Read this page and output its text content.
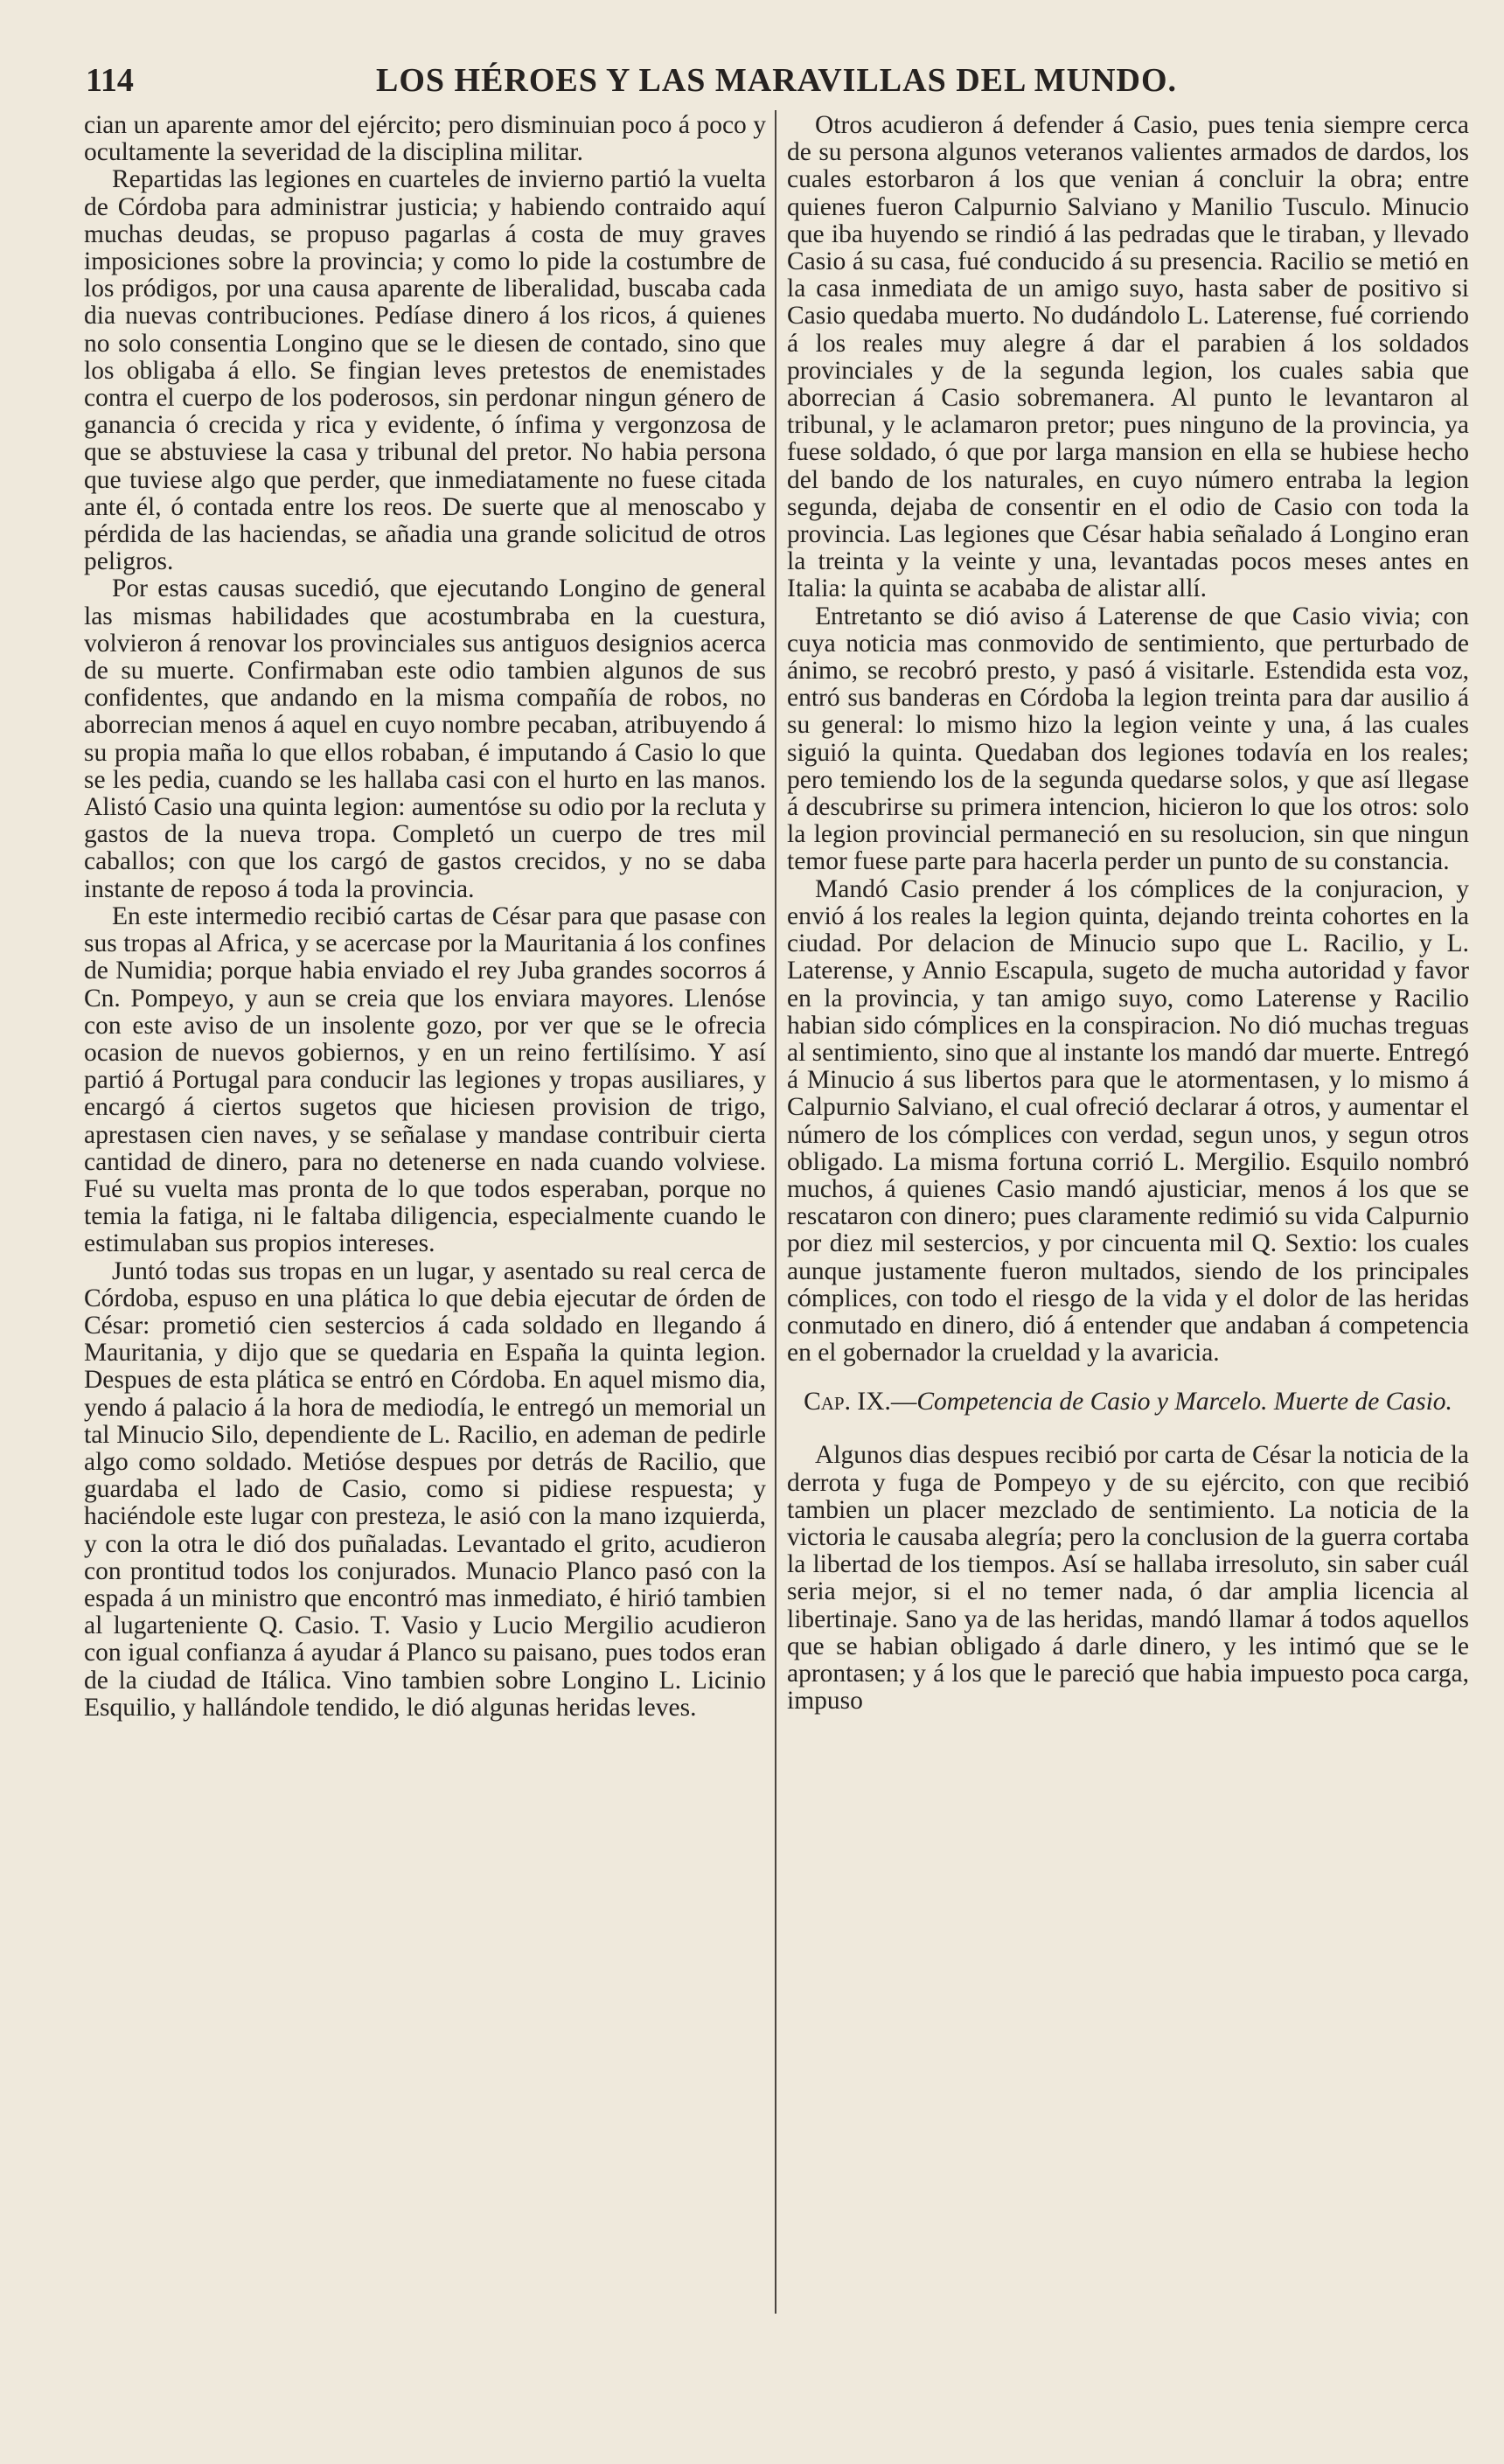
114	LOS HÉROES Y LAS MARAVILLAS DEL MUNDO.

cian un aparente amor del ejército; pero disminuian poco á poco y ocultamente la severidad de la disciplina militar.

Repartidas las legiones en cuarteles de invierno partió la vuelta de Córdoba para administrar justicia; y habiendo contraido aquí muchas deudas, se propuso pagarlas á costa de muy graves imposiciones sobre la provincia; y como lo pide la costumbre de los pródigos, por una causa aparente de liberalidad, buscaba cada dia nuevas contribuciones. Pedíase dinero á los ricos, á quienes no solo consentia Longino que se le diesen de contado, sino que los obligaba á ello. Se fingian leves pretestos de enemistades contra el cuerpo de los poderosos, sin perdonar ningun género de ganancia ó crecida y rica y evidente, ó ínfima y vergonzosa de que se abstuviese la casa y tribunal del pretor. No habia persona que tuviese algo que perder, que inmediatamente no fuese citada ante él, ó contada entre los reos. De suerte que al menoscabo y pérdida de las haciendas, se añadia una grande solicitud de otros peligros.

Por estas causas sucedió, que ejecutando Longino de general las mismas habilidades que acostumbraba en la cuestura, volvieron á renovar los provinciales sus antiguos designios acerca de su muerte. Confirmaban este odio tambien algunos de sus confidentes, que andando en la misma compañía de robos, no aborrecian menos á aquel en cuyo nombre pecaban, atribuyendo á su propia maña lo que ellos robaban, é imputando á Casio lo que se les pedia, cuando se les hallaba casi con el hurto en las manos. Alistó Casio una quinta legion: aumentóse su odio por la recluta y gastos de la nueva tropa. Completó un cuerpo de tres mil caballos; con que los cargó de gastos crecidos, y no se daba instante de reposo á toda la provincia.

En este intermedio recibió cartas de César para que pasase con sus tropas al Africa, y se acercase por la Mauritania á los confines de Numidia; porque habia enviado el rey Juba grandes socorros á Cn. Pompeyo, y aun se creia que los enviara mayores. Llenóse con este aviso de un insolente gozo, por ver que se le ofrecia ocasion de nuevos gobiernos, y en un reino fertilísimo. Y así partió á Portugal para conducir las legiones y tropas ausiliares, y encargó á ciertos sugetos que hiciesen provision de trigo, aprestasen cien naves, y se señalase y mandase contribuir cierta cantidad de dinero, para no detenerse en nada cuando volviese. Fué su vuelta mas pronta de lo que todos esperaban, porque no temia la fatiga, ni le faltaba diligencia, especialmente cuando le estimulaban sus propios intereses.

Juntó todas sus tropas en un lugar, y asentado su real cerca de Córdoba, espuso en una plática lo que debia ejecutar de órden de César: prometió cien sestercios á cada soldado en llegando á Mauritania, y dijo que se quedaria en España la quinta legion. Despues de esta plática se entró en Córdoba. En aquel mismo dia, yendo á palacio á la hora de mediodía, le entregó un memorial un tal Minucio Silo, dependiente de L. Racilio, en ademan de pedirle algo como soldado. Metióse despues por detrás de Racilio, que guardaba el lado de Casio, como si pidiese respuesta; y haciéndole este lugar con presteza, le asió con la mano izquierda, y con la otra le dió dos puñaladas. Levantado el grito, acudieron con prontitud todos los conjurados. Munacio Planco pasó con la espada á un ministro que encontró mas inmediato, é hirió tambien al lugarteniente Q. Casio. T. Vasio y Lucio Mergilio acudieron con igual confianza á ayudar á Planco su paisano, pues todos eran de la ciudad de Itálica. Vino tambien sobre Longino L. Licinio Esquilio, y hallándole tendido, le dió algunas heridas leves.

Otros acudieron á defender á Casio, pues tenia siempre cerca de su persona algunos veteranos valientes armados de dardos, los cuales estorbaron á los que venian á concluir la obra; entre quienes fueron Calpurnio Salviano y Manilio Tusculo. Minucio que iba huyendo se rindió á las pedradas que le tiraban, y llevado Casio á su casa, fué conducido á su presencia. Racilio se metió en la casa inmediata de un amigo suyo, hasta saber de positivo si Casio quedaba muerto. No dudándolo L. Laterense, fué corriendo á los reales muy alegre á dar el parabien á los soldados provinciales y de la segunda legion, los cuales sabia que aborrecian á Casio sobremanera. Al punto le levantaron al tribunal, y le aclamaron pretor; pues ninguno de la provincia, ya fuese soldado, ó que por larga mansion en ella se hubiese hecho del bando de los naturales, en cuyo número entraba la legion segunda, dejaba de consentir en el odio de Casio con toda la provincia. Las legiones que César habia señalado á Longino eran la treinta y la veinte y una, levantadas pocos meses antes en Italia: la quinta se acababa de alistar allí.

Entretanto se dió aviso á Laterense de que Casio vivia; con cuya noticia mas conmovido de sentimiento, que perturbado de ánimo, se recobró presto, y pasó á visitarle. Estendida esta voz, entró sus banderas en Córdoba la legion treinta para dar ausilio á su general: lo mismo hizo la legion veinte y una, á las cuales siguió la quinta. Quedaban dos legiones todavía en los reales; pero temiendo los de la segunda quedarse solos, y que así llegase á descubrirse su primera intencion, hicieron lo que los otros: solo la legion provincial permaneció en su resolucion, sin que ningun temor fuese parte para hacerla perder un punto de su constancia.

Mandó Casio prender á los cómplices de la conjuracion, y envió á los reales la legion quinta, dejando treinta cohortes en la ciudad. Por delacion de Minucio supo que L. Racilio, y L. Laterense, y Annio Escapula, sugeto de mucha autoridad y favor en la provincia, y tan amigo suyo, como Laterense y Racilio habian sido cómplices en la conspiracion. No dió muchas treguas al sentimiento, sino que al instante los mandó dar muerte. Entregó á Minucio á sus libertos para que le atormentasen, y lo mismo á Calpurnio Salviano, el cual ofreció declarar á otros, y aumentar el número de los cómplices con verdad, segun unos, y segun otros obligado. La misma fortuna corrió L. Mergilio. Esquilo nombró muchos, á quienes Casio mandó ajusticiar, menos á los que se rescataron con dinero; pues claramente redimió su vida Calpurnio por diez mil sestercios, y por cincuenta mil Q. Sextio: los cuales aunque justamente fueron multados, siendo de los principales cómplices, con todo el riesgo de la vida y el dolor de las heridas conmutado en dinero, dió á entender que andaban á competencia en el gobernador la crueldad y la avaricia.

Cap. IX.—Competencia de Casio y Marcelo. Muerte de Casio.

Algunos dias despues recibió por carta de César la noticia de la derrota y fuga de Pompeyo y de su ejército, con que recibió tambien un placer mezclado de sentimiento. La noticia de la victoria le causaba alegría; pero la conclusion de la guerra cortaba la libertad de los tiempos. Así se hallaba irresoluto, sin saber cuál seria mejor, si el no temer nada, ó dar amplia licencia al libertinaje. Sano ya de las heridas, mandó llamar á todos aquellos que se habian obligado á darle dinero, y les intimó que se le aprontasen; y á los que le pareció que habia impuesto poca carga, impuso
